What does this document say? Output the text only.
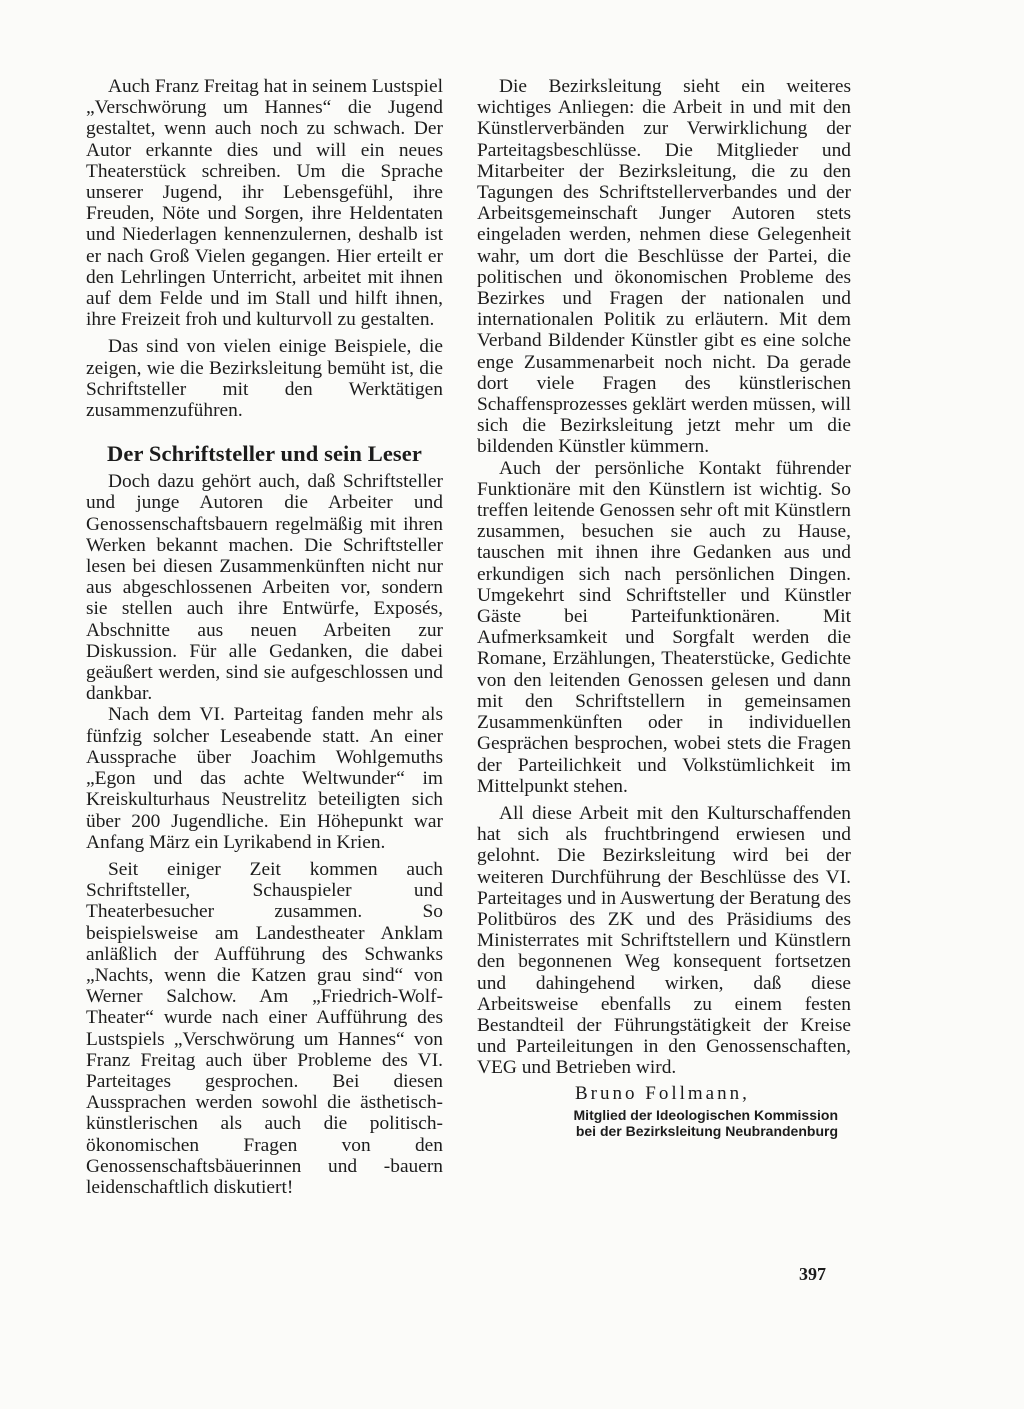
Auch Franz Freitag hat in seinem Lustspiel „Verschwörung um Hannes“ die Jugend gestaltet, wenn auch noch zu schwach. Der Autor erkannte dies und will ein neues Theaterstück schreiben. Um die Sprache unserer Jugend, ihr Lebensgefühl, ihre Freuden, Nöte und Sorgen, ihre Heldentaten und Niederlagen kennenzulernen, deshalb ist er nach Groß Vielen gegangen. Hier erteilt er den Lehrlingen Unterricht, arbeitet mit ihnen auf dem Felde und im Stall und hilft ihnen, ihre Freizeit froh und kulturvoll zu gestalten.

Das sind von vielen einige Beispiele, die zeigen, wie die Bezirksleitung bemüht ist, die Schriftsteller mit den Werktätigen zusammenzuführen.

Der Schriftsteller und sein Leser

Doch dazu gehört auch, daß Schriftsteller und junge Autoren die Arbeiter und Genossenschaftsbauern regelmäßig mit ihren Werken bekannt machen. Die Schriftsteller lesen bei diesen Zusammenkünften nicht nur aus abgeschlossenen Arbeiten vor, sondern sie stellen auch ihre Entwürfe, Exposés, Abschnitte aus neuen Arbeiten zur Diskussion. Für alle Gedanken, die dabei geäußert werden, sind sie aufgeschlossen und dankbar.

Nach dem VI. Parteitag fanden mehr als fünfzig solcher Leseabende statt. An einer Aussprache über Joachim Wohlgemuths „Egon und das achte Weltwunder“ im Kreiskulturhaus Neustrelitz beteiligten sich über 200 Jugendliche. Ein Höhepunkt war Anfang März ein Lyrikabend in Krien.

Seit einiger Zeit kommen auch Schriftsteller, Schauspieler und Theaterbesucher zusammen. So beispielsweise am Landestheater Anklam anläßlich der Aufführung des Schwanks „Nachts, wenn die Katzen grau sind“ von Werner Salchow. Am „Friedrich-Wolf-Theater“ wurde nach einer Aufführung des Lustspiels „Verschwörung um Hannes“ von Franz Freitag auch über Probleme des VI. Parteitages gesprochen. Bei diesen Aussprachen werden sowohl die ästhetisch-künstlerischen als auch die politisch-ökonomischen Fragen von den Genossenschaftsbäuerinnen und -bauern leidenschaftlich diskutiert!

Die Bezirksleitung sieht ein weiteres wichtiges Anliegen: die Arbeit in und mit den Künstlerverbänden zur Verwirklichung der Parteitagsbeschlüsse. Die Mitglieder und Mitarbeiter der Bezirksleitung, die zu den Tagungen des Schriftstellerverbandes und der Arbeitsgemeinschaft Junger Autoren stets eingeladen werden, nehmen diese Gelegenheit wahr, um dort die Beschlüsse der Partei, die politischen und ökonomischen Probleme des Bezirkes und Fragen der nationalen und internationalen Politik zu erläutern. Mit dem Verband Bildender Künstler gibt es eine solche enge Zusammenarbeit noch nicht. Da gerade dort viele Fragen des künstlerischen Schaffensprozesses geklärt werden müssen, will sich die Bezirksleitung jetzt mehr um die bildenden Künstler kümmern.

Auch der persönliche Kontakt führender Funktionäre mit den Künstlern ist wichtig. So treffen leitende Genossen sehr oft mit Künstlern zusammen, besuchen sie auch zu Hause, tauschen mit ihnen ihre Gedanken aus und erkundigen sich nach persönlichen Dingen. Umgekehrt sind Schriftsteller und Künstler Gäste bei Parteifunktionären. Mit Aufmerksamkeit und Sorgfalt werden die Romane, Erzählungen, Theaterstücke, Gedichte von den leitenden Genossen gelesen und dann mit den Schriftstellern in gemeinsamen Zusammenkünften oder in individuellen Gesprächen besprochen, wobei stets die Fragen der Parteilichkeit und Volkstümlichkeit im Mittelpunkt stehen.

All diese Arbeit mit den Kulturschaffenden hat sich als fruchtbringend erwiesen und gelohnt. Die Bezirksleitung wird bei der weiteren Durchführung der Beschlüsse des VI. Parteitages und in Auswertung der Beratung des Politbüros des ZK und des Präsidiums des Ministerrates mit Schriftstellern und Künstlern den begonnenen Weg konsequent fortsetzen und dahingehend wirken, daß diese Arbeitsweise ebenfalls zu einem festen Bestandteil der Führungstätigkeit der Kreise und Parteileitungen in den Genossenschaften, VEG und Betrieben wird.

Bruno Follmann,

Mitglied der Ideologischen Kommission

bei der Bezirksleitung Neubrandenburg

397
